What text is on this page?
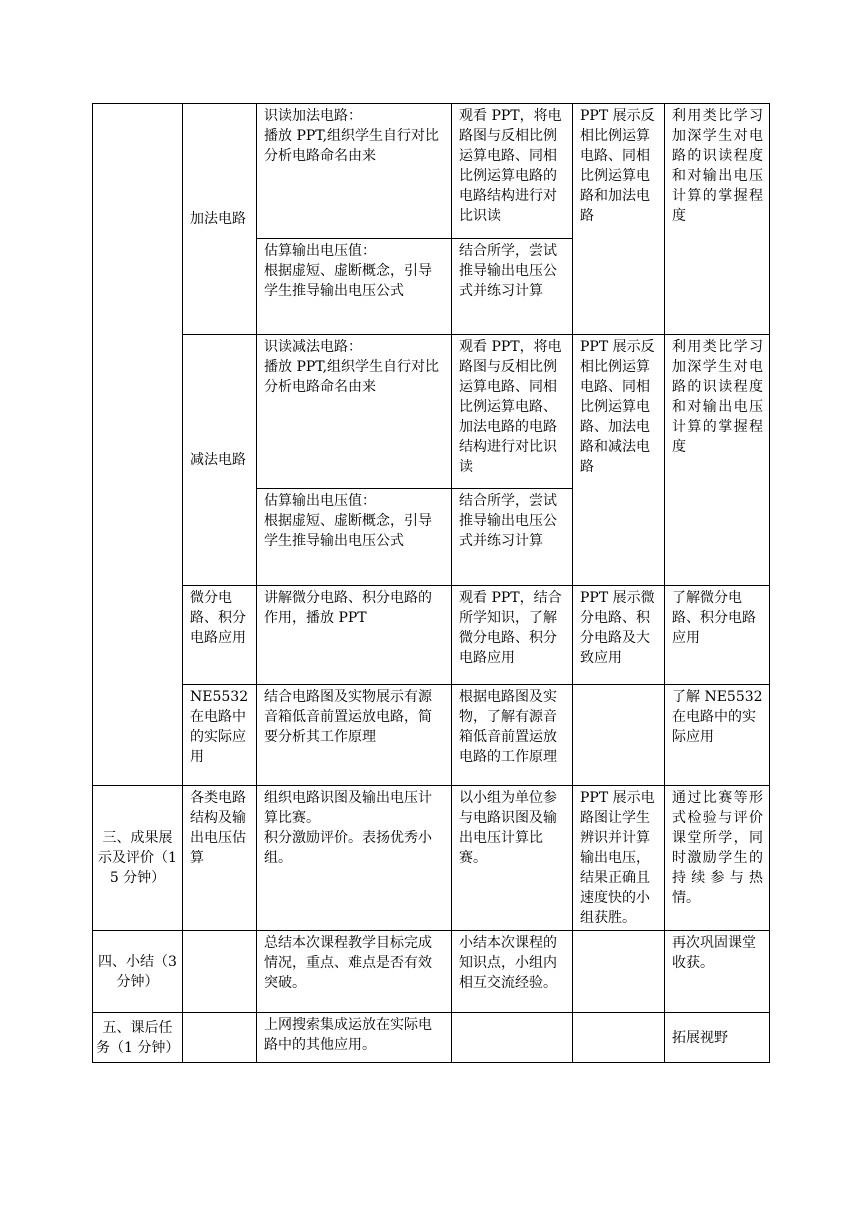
	加法电路	识读加法电路：
播放 PPT,组织学生自行对比分析电路命名由来	观看 PPT，将电路图与反相比例运算电路、同相比例运算电路的电路结构进行对比识读	PPT 展示反相比例运算电路、同相比例运算电路和加法电路	利用类比学习加深学生对电路的识读程度和对输出电压计算的掌握程度
		估算输出电压值：
根据虚短、虚断概念，引导学生推导输出电压公式	结合所学，尝试推导输出电压公式并练习计算		
	减法电路	识读减法电路：
播放 PPT,组织学生自行对比分析电路命名由来	观看 PPT，将电路图与反相比例运算电路、同相比例运算电路、加法电路的电路结构进行对比识读	PPT 展示反相比例运算电路、同相比例运算电路、加法电路和减法电路	利用类比学习加深学生对电路的识读程度和对输出电压计算的掌握程度
		估算输出电压值：
根据虚短、虚断概念，引导学生推导输出电压公式	结合所学，尝试推导输出电压公式并练习计算		
	微分电路、积分电路应用	讲解微分电路、积分电路的作用，播放 PPT	观看 PPT，结合所学知识，了解微分电路、积分电路应用	PPT 展示微分电路、积分电路及大致应用	了解微分电路、积分电路应用
	NE5532 在电路中的实际应用	结合电路图及实物展示有源音箱低音前置运放电路，简要分析其工作原理	根据电路图及实物，了解有源音箱低音前置运放电路的工作原理		了解 NE5532 在电路中的实际应用
三、成果展示及评价（15 分钟）	各类电路结构及输出电压估算	组织电路识图及输出电压计算比赛。
积分激励评价。表扬优秀小组。	以小组为单位参与电路识图及输出电压计算比赛。	PPT 展示电路图让学生辨识并计算输出电压，结果正确且速度快的小组获胜。	通过比赛等形式检验与评价课堂所学，同时激励学生的持续参与热情。
四、小结（3 分钟）		总结本次课程教学目标完成情况，重点、难点是否有效突破。	小结本次课程的知识点，小组内相互交流经验。		再次巩固课堂收获。
五、课后任务（1 分钟）		上网搜索集成运放在实际电路中的其他应用。			拓展视野
